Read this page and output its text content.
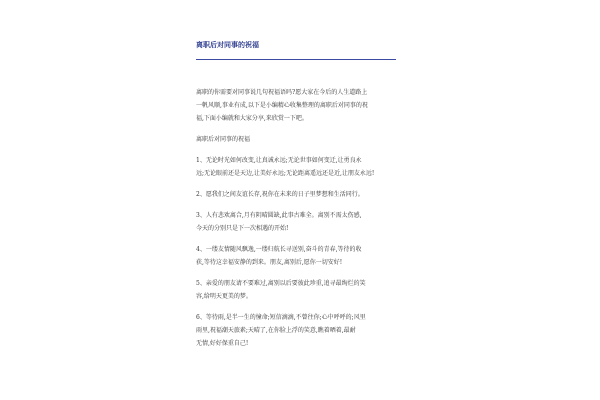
离职后对同事的祝福

离职的你需要对同事说几句祝福语吗?愿大家在今后的人生道路上

一帆风顺,事业有成,以下是小编精心收集整理的离职后对同事的祝

福,下面小编就和大家分享,来欣赏一下吧。

离职后对同事的祝福

1、无论时光如何改变,让真诚永远;无论世事如何变迁,让勇良永

远;无论眼前还是天边,让美好永远;无论距离遥远还是近,让朋友永远!

2、愿我们之间友谊长存,祝你在未来的日子里梦想和生活同行。

3、人有悲欢离合,月有阴晴圆缺,此事古难全。离别不需太伤感,

今天的分别只是下一次相遇的开始!

4、一缕友情随风飘逸,一缕归航长寻送别,奋斗的青春,等待的收

获,等待这幸福安静的到来。朋友,离别后,愿你一切安好!

5、亲爱的朋友请不要难过,离别以后要彼此珍重,追寻最绚烂的笑

容,给明天更美的梦。

6、等待雨,是半一生的憧命;短信滴滴,不曾往你;心中呼呼的;风里

雨里,祝福潮天旅素;天晴了,在你脸上浮的笑意,瞧着晒着,最耐

无情,好好保重自己!
